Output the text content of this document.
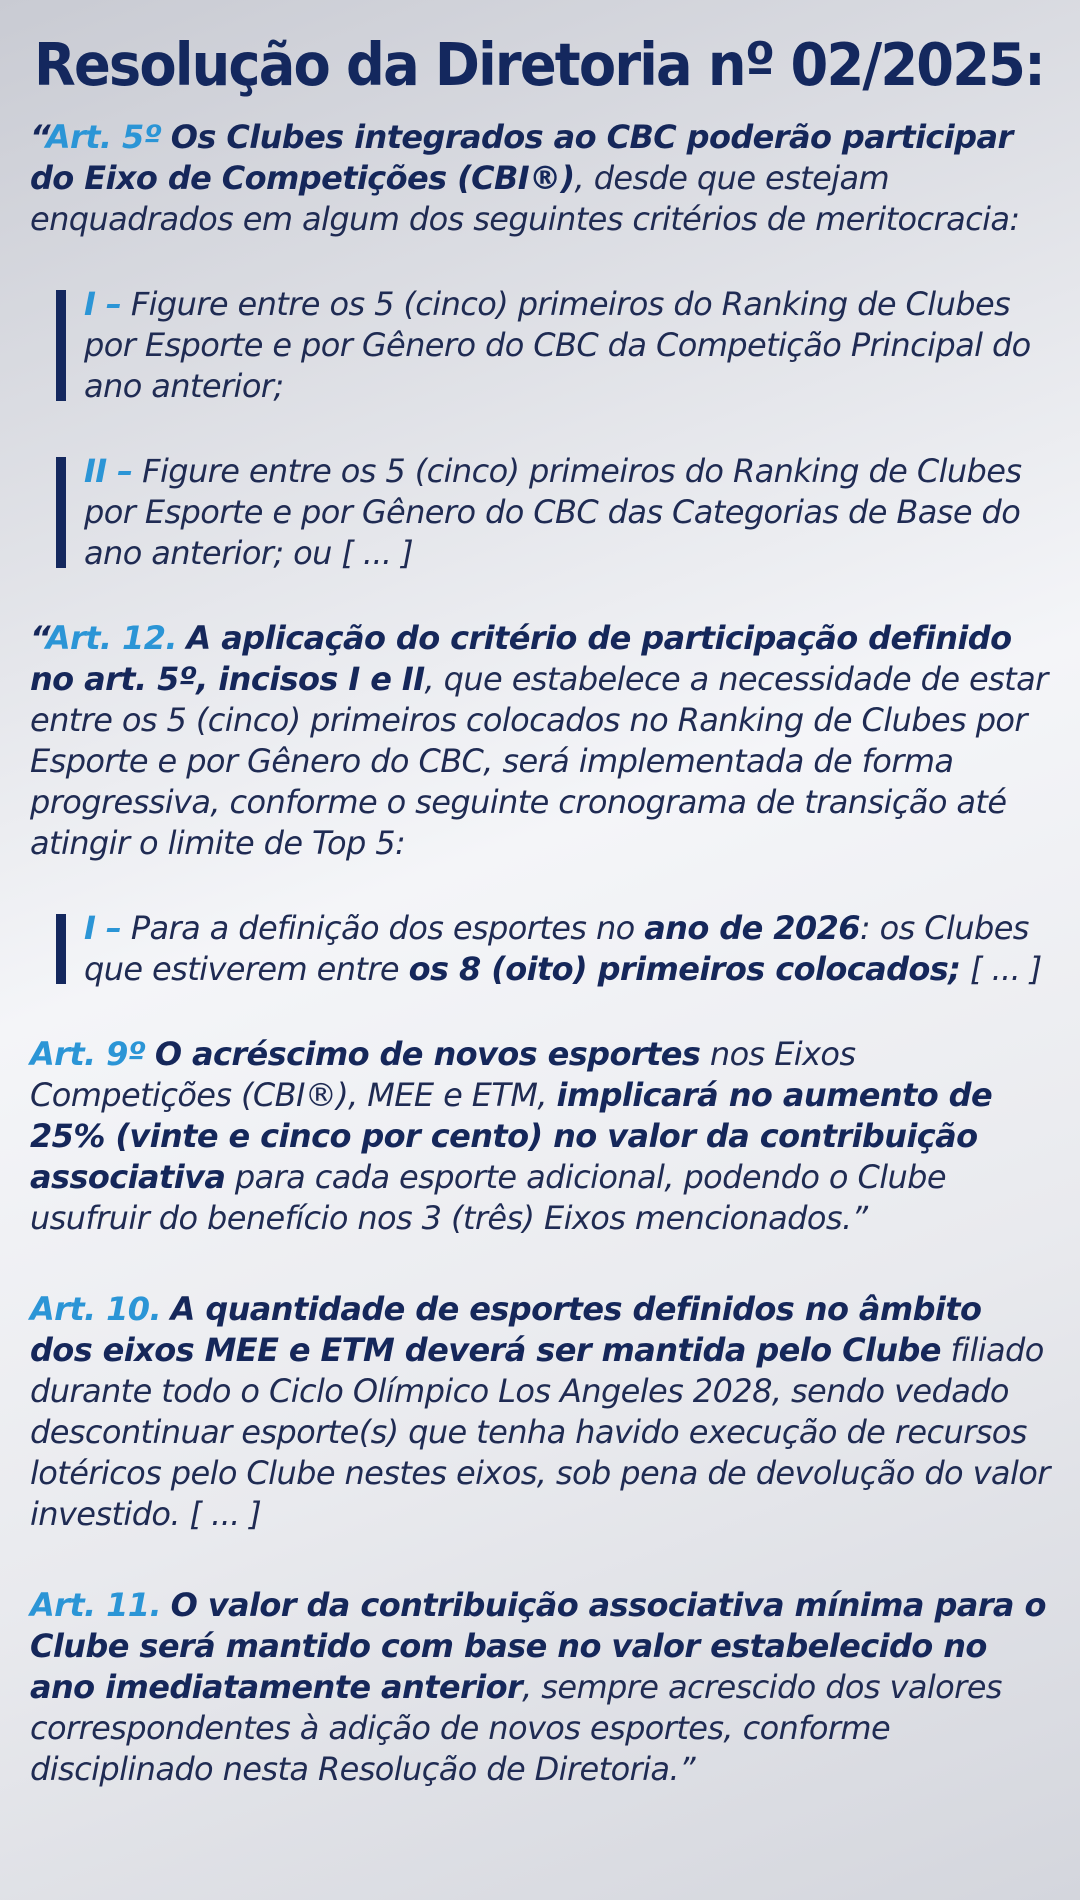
Resolução da Diretoria nº 02/2025:

“Art. 5º Os Clubes integrados ao CBC poderão participar do Eixo de Competições (CBI®), desde que estejam enquadrados em algum dos seguintes critérios de meritocracia:

I – Figure entre os 5 (cinco) primeiros do Ranking de Clubes por Esporte e por Gênero do CBC da Competição Principal do ano anterior;

II – Figure entre os 5 (cinco) primeiros do Ranking de Clubes por Esporte e por Gênero do CBC das Categorias de Base do ano anterior; ou [ ... ]

“Art. 12. A aplicação do critério de participação definido no art. 5º, incisos I e II, que estabelece a necessidade de estar entre os 5 (cinco) primeiros colocados no Ranking de Clubes por Esporte e por Gênero do CBC, será implementada de forma progressiva, conforme o seguinte cronograma de transição até atingir o limite de Top 5:

I – Para a definição dos esportes no ano de 2026: os Clubes que estiverem entre os 8 (oito) primeiros colocados; [ ... ]

Art. 9º O acréscimo de novos esportes nos Eixos Competições (CBI®), MEE e ETM, implicará no aumento de 25% (vinte e cinco por cento) no valor da contribuição associativa para cada esporte adicional, podendo o Clube usufruir do benefício nos 3 (três) Eixos mencionados.”

Art. 10. A quantidade de esportes definidos no âmbito dos eixos MEE e ETM deverá ser mantida pelo Clube filiado durante todo o Ciclo Olímpico Los Angeles 2028, sendo vedado descontinuar esporte(s) que tenha havido execução de recursos lotéricos pelo Clube nestes eixos, sob pena de devolução do valor investido. [ ... ]

Art. 11. O valor da contribuição associativa mínima para o Clube será mantido com base no valor estabelecido no ano imediatamente anterior, sempre acrescido dos valores correspondentes à adição de novos esportes, conforme disciplinado nesta Resolução de Diretoria.”
